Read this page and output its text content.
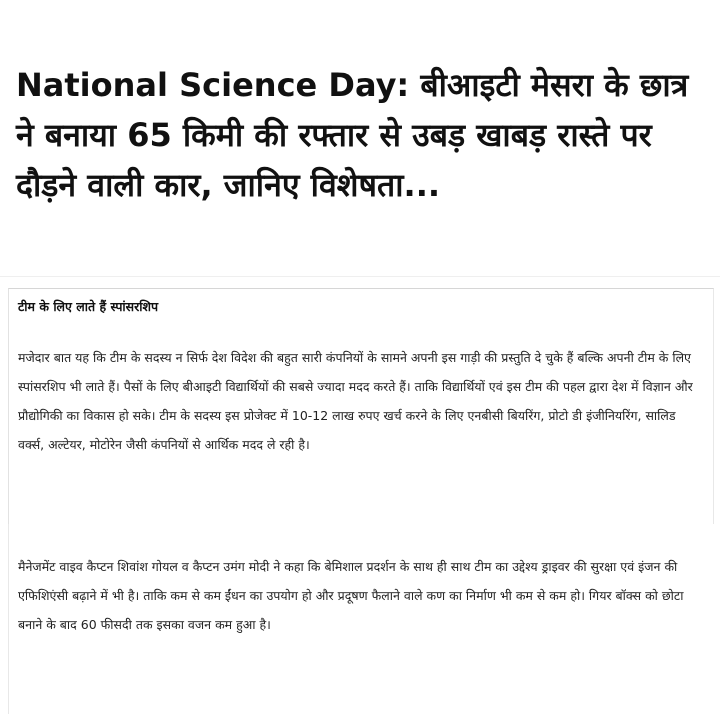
National Science Day: बीआइटी मेसरा के छात्र ने बनाया 65 किमी की रफ्तार से उबड़ खाबड़ रास्ते पर दौड़ने वाली कार, जानिए विशेषता...
टीम के लिए लाते हैं स्पांसरशिप

मजेदार बात यह कि टीम के सदस्य न सिर्फ देश विदेश की बहुत सारी कंपनियों के सामने अपनी इस गाड़ी की प्रस्तुति दे चुके हैं बल्कि अपनी टीम के लिए स्पांसरशिप भी लाते हैं। पैसों के लिए बीआइटी विद्यार्थियों की सबसे ज्यादा मदद करते हैं। ताकि विद्यार्थियों एवं इस टीम की पहल द्वारा देश में विज्ञान और प्रौद्योगिकी का विकास हो सके। टीम के सदस्य इस प्रोजेक्ट में 10-12 लाख रुपए खर्च करने के लिए एनबीसी बियरिंग, प्रोटो डी इंजीनियरिंग, सालिड वर्क्स, अल्टेयर, मोटोरेन जैसी कंपनियों से आर्थिक मदद ले रही है।

मैनेजमेंट वाइव कैप्टन शिवांश गोयल व कैप्टन उमंग मोदी ने कहा कि बेमिशाल प्रदर्शन के साथ ही साथ टीम का उद्देश्य ड्राइवर की सुरक्षा एवं इंजन की एफिशिएंसी बढ़ाने में भी है। ताकि कम से कम ईंधन का उपयोग हो और प्रदूषण फैलाने वाले कण का निर्माण भी कम से कम हो। गियर बॉक्स को छोटा बनाने के बाद 60 फीसदी तक इसका वजन कम हुआ है।
